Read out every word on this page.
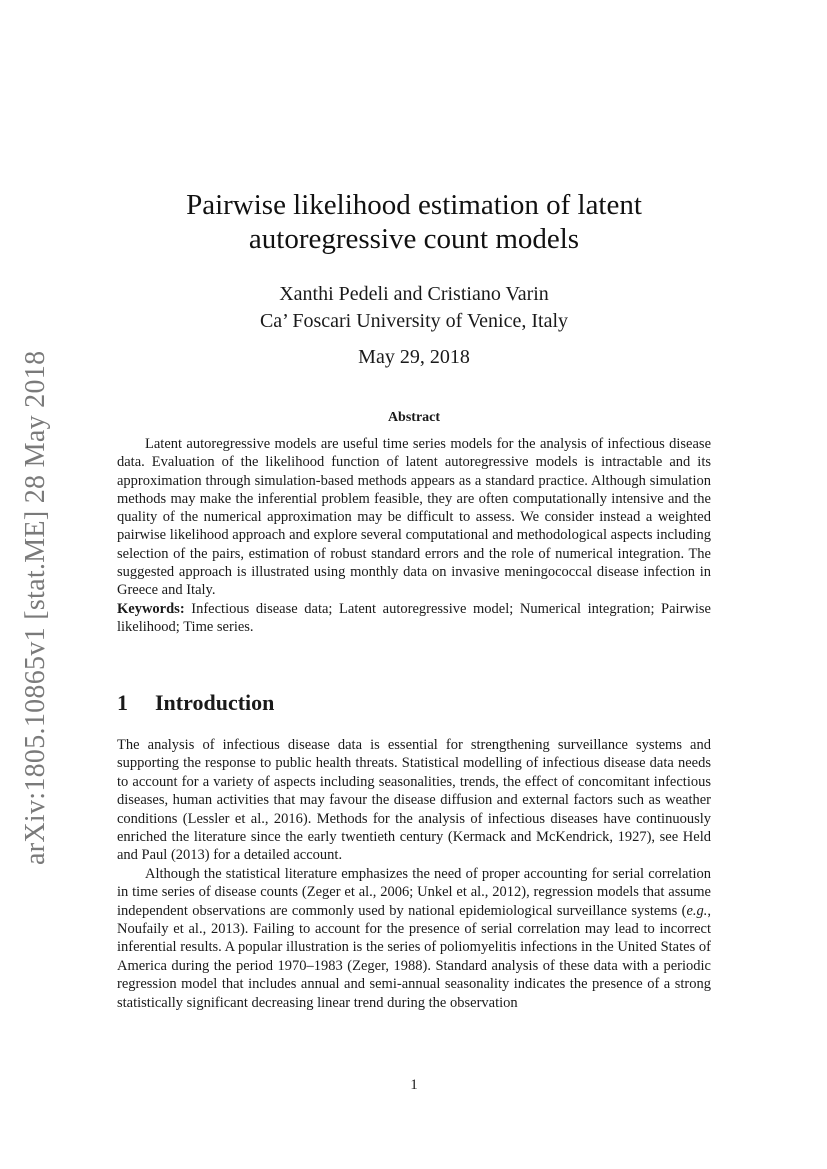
arXiv:1805.10865v1 [stat.ME] 28 May 2018
Pairwise likelihood estimation of latent
autoregressive count models
Xanthi Pedeli and Cristiano Varin
Ca’ Foscari University of Venice, Italy
May 29, 2018
Abstract

Latent autoregressive models are useful time series models for the analysis of infectious disease data. Evaluation of the likelihood function of latent autoregressive models is intractable and its approximation through simulation-based methods appears as a standard practice. Although simulation methods may make the inferential problem feasible, they are often computationally intensive and the quality of the numerical approximation may be difficult to assess. We consider instead a weighted pairwise likelihood approach and explore several computational and methodological aspects including selection of the pairs, estimation of robust standard errors and the role of numerical integration. The suggested approach is illustrated using monthly data on invasive meningococcal disease infection in Greece and Italy.

Keywords: Infectious disease data; Latent autoregressive model; Numerical integration; Pairwise likelihood; Time series.

1 Introduction

The analysis of infectious disease data is essential for strengthening surveillance systems and supporting the response to public health threats. Statistical modelling of infectious disease data needs to account for a variety of aspects including seasonalities, trends, the effect of concomitant infectious diseases, human activities that may favour the disease diffusion and external factors such as weather conditions (Lessler et al., 2016). Methods for the analysis of infectious diseases have continuously enriched the literature since the early twentieth century (Kermack and McKendrick, 1927), see Held and Paul (2013) for a detailed account.

Although the statistical literature emphasizes the need of proper accounting for serial correlation in time series of disease counts (Zeger et al., 2006; Unkel et al., 2012), regression models that assume independent observations are commonly used by national epidemiological surveillance systems (e.g., Noufaily et al., 2013). Failing to account for the presence of serial correlation may lead to incorrect inferential results. A popular illustration is the series of poliomyelitis infections in the United States of America during the period 1970–1983 (Zeger, 1988). Standard analysis of these data with a periodic regression model that includes annual and semi-annual seasonality indicates the presence of a strong statistically significant decreasing linear trend during the observation

1
